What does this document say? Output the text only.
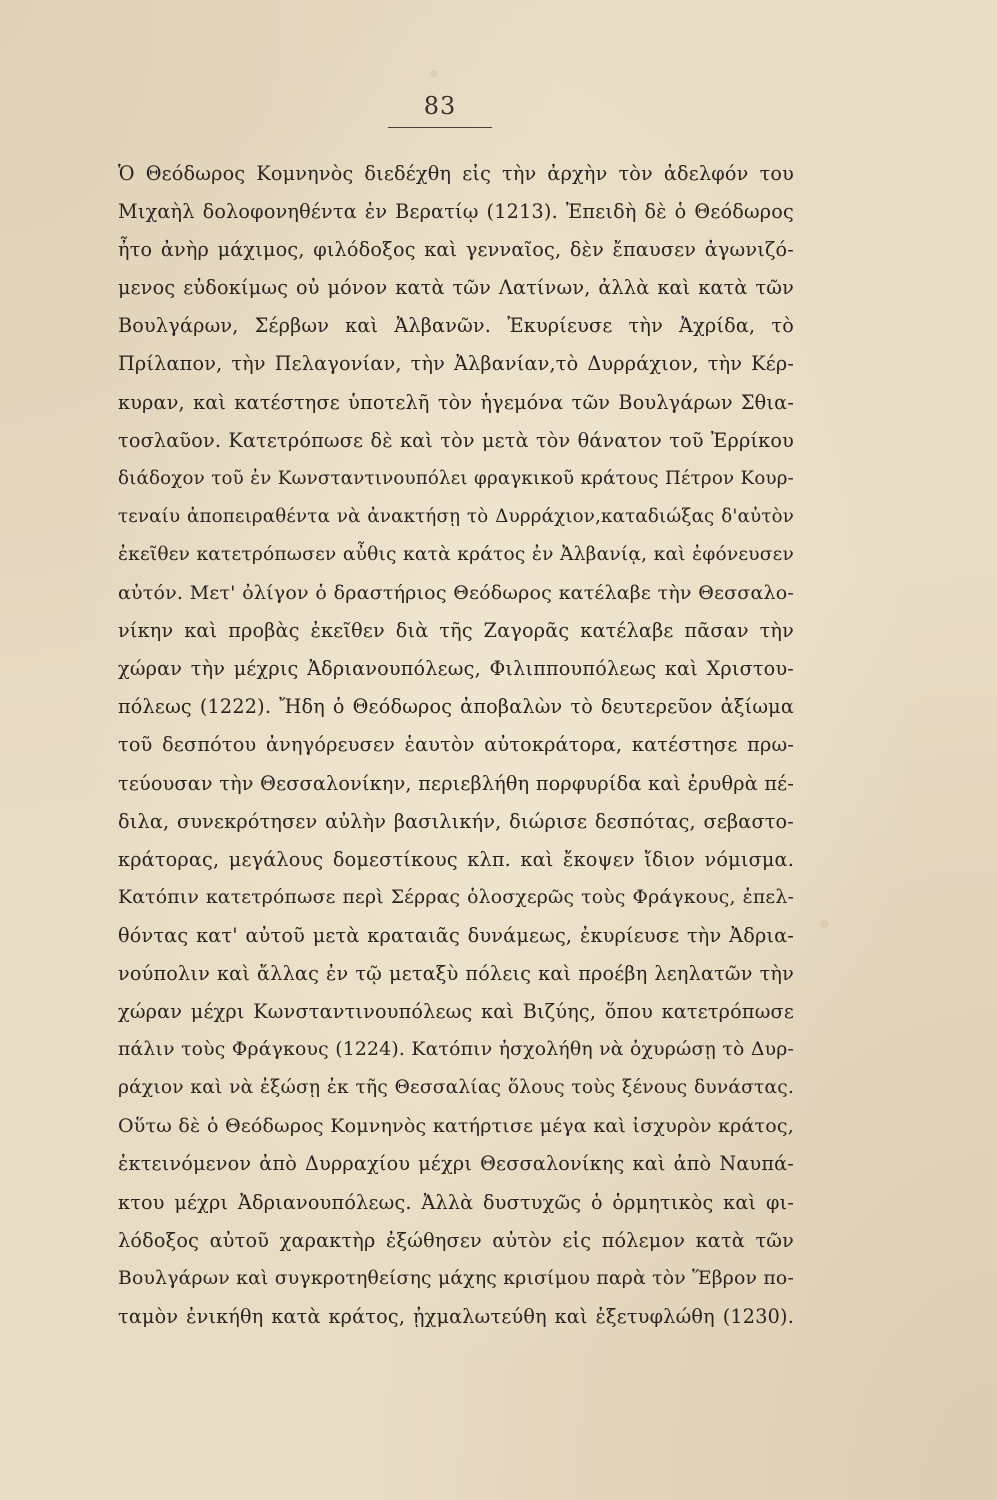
83
Ὁ Θεόδωρος Κομνηνὸς διεδέχθη εἰς τὴν ἀρχὴν τὸν ἀδελφόν του
Μιχαὴλ δολοφονηθέντα ἐν Βερατίῳ (1213). Ἐπειδὴ δὲ ὁ Θεόδωρος
ἦτο ἀνὴρ μάχιμος, φιλόδοξος καὶ γενναῖος, δὲν ἔπαυσεν ἀγωνιζό-
μενος εὐδοκίμως οὐ μόνον κατὰ τῶν Λατίνων, ἀλλὰ καὶ κατὰ τῶν
Βουλγάρων, Σέρβων καὶ Ἀλβανῶν. Ἐκυρίευσε τὴν Ἀχρίδα, τὸ
Πρίλαπον, τὴν Πελαγονίαν, τὴν Ἀλβανίαν,τὸ Δυρράχιον, τὴν Κέρ-
κυραν, καὶ κατέστησε ὑποτελῆ τὸν ἡγεμόνα τῶν Βουλγάρων Σθια-
τοσλαῦον. Κατετρόπωσε δὲ καὶ τὸν μετὰ τὸν θάνατον τοῦ Ἐρρίκου
διάδοχον τοῦ ἐν Κωνσταντινουπόλει φραγκικοῦ κράτους Πέτρον Κουρ-
τεναίυ ἀποπειραθέντα νὰ ἀνακτήσῃ τὸ Δυρράχιον,καταδιώξας δ'αὐτὸν
ἐκεῖθεν κατετρόπωσεν αὖθις κατὰ κράτος ἐν Ἀλβανίᾳ, καὶ ἐφόνευσεν
αὐτόν. Μετ' ὀλίγον ὁ δραστήριος Θεόδωρος κατέλαβε τὴν Θεσσαλο-
νίκην καὶ προβὰς ἐκεῖθεν διὰ τῆς Ζαγορᾶς κατέλαβε πᾶσαν τὴν
χώραν τὴν μέχρις Ἀδριανουπόλεως, Φιλιππουπόλεως καὶ Χριστου-
πόλεως (1222). Ἤδη ὁ Θεόδωρος ἀποβαλὼν τὸ δευτερεῦον ἀξίωμα
τοῦ δεσπότου ἀνηγόρευσεν ἑαυτὸν αὐτοκράτορα, κατέστησε πρω-
τεύουσαν τὴν Θεσσαλονίκην, περιεβλήθη πορφυρίδα καὶ ἐρυθρὰ πέ-
διλα, συνεκρότησεν αὐλὴν βασιλικήν, διώρισε δεσπότας, σεβαστο-
κράτορας, μεγάλους δομεστίκους κλπ. καὶ ἔκοψεν ἴδιον νόμισμα.
Κατόπιν κατετρόπωσε περὶ Σέρρας ὁλοσχερῶς τοὺς Φράγκους, ἐπελ-
θόντας κατ' αὐτοῦ μετὰ κραταιᾶς δυνάμεως, ἐκυρίευσε τὴν Ἀδρια-
νούπολιν καὶ ἄλλας ἐν τῷ μεταξὺ πόλεις καὶ προέβη λεηλατῶν τὴν
χώραν μέχρι Κωνσταντινουπόλεως καὶ Βιζύης, ὅπου κατετρόπωσε
πάλιν τοὺς Φράγκους (1224). Κατόπιν ἠσχολήθη νὰ ὀχυρώσῃ τὸ Δυρ-
ράχιον καὶ νὰ ἐξώσῃ ἐκ τῆς Θεσσαλίας ὅλους τοὺς ξένους δυνάστας.
Οὕτω δὲ ὁ Θεόδωρος Κομνηνὸς κατήρτισε μέγα καὶ ἰσχυρὸν κράτος,
ἐκτεινόμενον ἀπὸ Δυρραχίου μέχρι Θεσσαλονίκης καὶ ἀπὸ Ναυπά-
κτου μέχρι Ἀδριανουπόλεως. Ἀλλὰ δυστυχῶς ὁ ὁρμητικὸς καὶ φι-
λόδοξος αὐτοῦ χαρακτὴρ ἐξώθησεν αὐτὸν εἰς πόλεμον κατὰ τῶν
Βουλγάρων καὶ συγκροτηθείσης μάχης κρισίμου παρὰ τὸν Ἕβρον πο-
ταμὸν ἐνικήθη κατὰ κράτος, ᾐχμαλωτεύθη καὶ ἐξετυφλώθη (1230).
